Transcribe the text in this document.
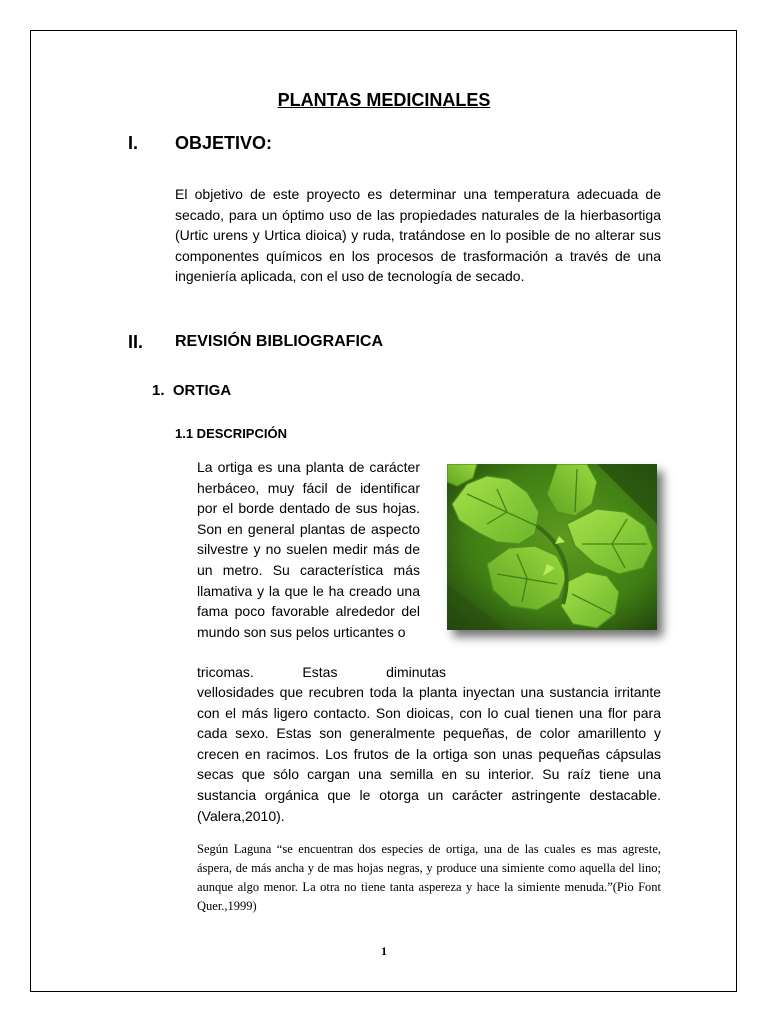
PLANTAS MEDICINALES
I. OBJETIVO:
El objetivo de este proyecto es determinar una temperatura adecuada de secado, para un óptimo uso de las propiedades naturales de la hierbasortiga (Urtic urens y Urtica dioica) y ruda, tratándose en lo posible de no alterar sus componentes químicos en los procesos de trasformación a través de una ingeniería aplicada, con el uso de tecnología de secado.
II. REVISIÓN BIBLIOGRAFICA
1.  ORTIGA
1.1 DESCRIPCIÓN
La ortiga es una planta de carácter herbáceo, muy fácil de identificar por el borde dentado de sus hojas. Son en general plantas de aspecto silvestre y no suelen medir más de un metro. Su característica más llamativa y la que le ha creado una fama poco favorable alrededor del mundo son sus pelos urticantes o
tricomas.          Estas          diminutas
vellosidades que recubren toda la planta inyectan una sustancia irritante con el más ligero contacto. Son dioicas, con lo cual tienen una flor para cada sexo. Estas son generalmente pequeñas, de color amarillento y crecen en racimos. Los frutos de la ortiga son unas pequeñas cápsulas secas que sólo cargan una semilla en su interior. Su raíz tiene una sustancia orgánica que le otorga un carácter astringente destacable.(Valera,2010).
Según Laguna “se encuentran dos especies de ortiga, una de las cuales es mas agreste, áspera, de más ancha y de mas hojas negras, y produce una simiente como aquella del lino; aunque algo menor. La otra no tiene tanta aspereza y hace la simiente menuda.”(Pio Font Quer.,1999)
1
